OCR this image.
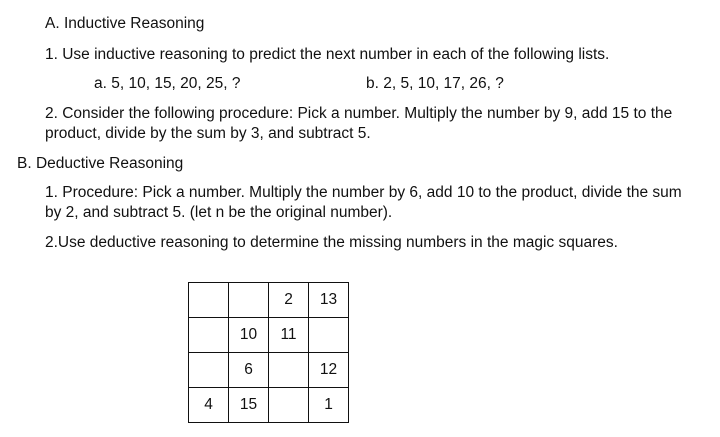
A. Inductive Reasoning
1. Use inductive reasoning to predict the next number in each of the following lists.
a. 5, 10, 15, 20, 25, ?	b. 2, 5, 10, 17, 26, ?
2. Consider the following procedure: Pick a number. Multiply the number by 9, add 15 to the product, divide by the sum by 3, and subtract 5.
B. Deductive Reasoning
1. Procedure: Pick a number. Multiply the number by 6, add 10 to the product, divide the sum by 2, and subtract 5. (let n be the original number).
2.Use deductive reasoning to determine the missing numbers in the magic squares.
		2	13
	10	11	
	6		12
4	15		1
